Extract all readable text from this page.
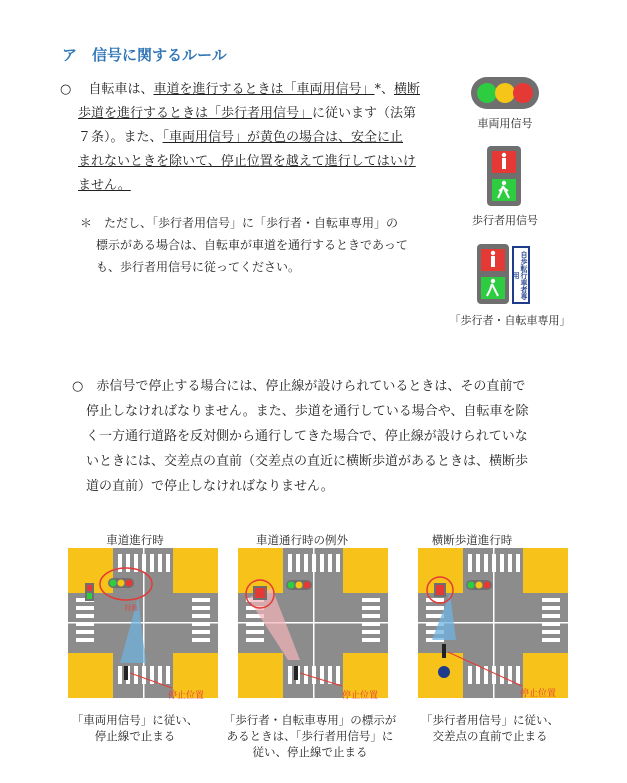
ア　信号に関するルール
○　 自転車は、車道を進行するときは「車両用信号」*、横断
歩道を進行するときは「歩行者用信号」に従います（法第
７条）。また、「車両用信号」が黄色の場合は、安全に止
まれないときを除いて、停止位置を越えて進行してはいけ
ません。
＊　 ただし、「歩行者用信号」に「歩行者・自転車専用」の
標示がある場合は、自転車が車道を通行するときであって
も、歩行者用信号に従ってください。
車両用信号
歩行者用信号
自歩転行車者専用
「歩行者・自転車専用」
○　 赤信号で停止する場合には、停止線が設けられているときは、その直前で
停止しなければなりません。また、歩道を通行している場合や、自転車を除
く一方通行道路を反対側から通行してきた場合で、停止線が設けられていな
いときには、交差点の直前（交差点の直近に横断歩道があるときは、横断歩
道の直前）で停止しなければなりません。
車道進行時	車道通行時の例外	横断歩道進行時
対面
停止位置	停止位置	停止位置
「車両用信号」に従い、
停止線で止まる
「歩行者・自転車専用」の標示が
あるときは、「歩行者用信号」に
従い、停止線で止まる
「歩行者用信号」に従い、
交差点の直前で止まる
